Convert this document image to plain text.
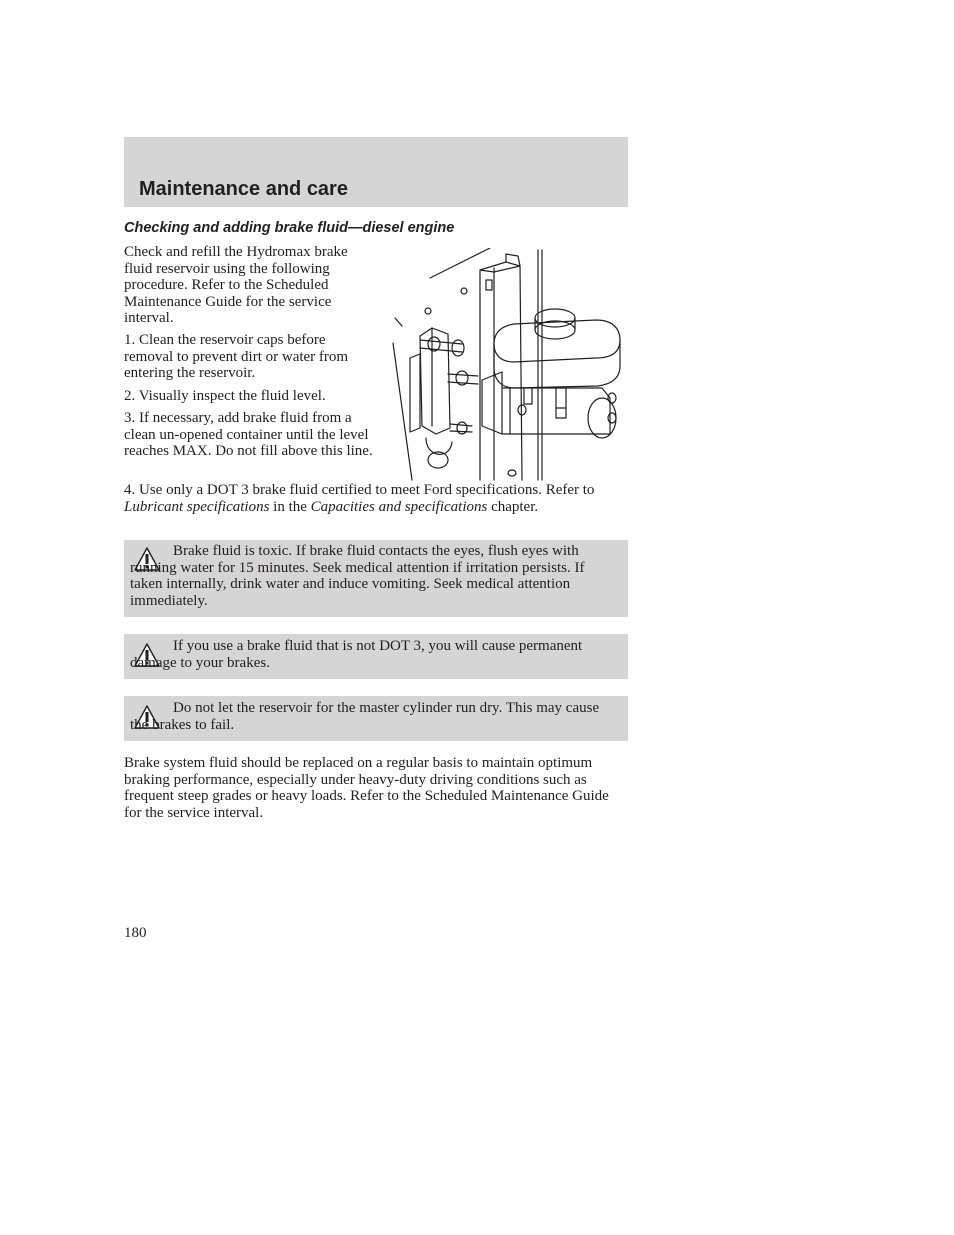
Maintenance and care
Checking and adding brake fluid—diesel engine

Check and refill the Hydromax brake fluid reservoir using the following procedure. Refer to the Scheduled Maintenance Guide for the service interval.

1. Clean the reservoir caps before removal to prevent dirt or water from entering the reservoir.

2. Visually inspect the fluid level.

3. If necessary, add brake fluid from a clean un-opened container until the level reaches MAX. Do not fill above this line.

4. Use only a DOT 3 brake fluid certified to meet Ford specifications. Refer to Lubricant specifications in the Capacities and specifications chapter.

Brake fluid is toxic. If brake fluid contacts the eyes, flush eyes with running water for 15 minutes. Seek medical attention if irritation persists. If taken internally, drink water and induce vomiting. Seek medical attention immediately.

If you use a brake fluid that is not DOT 3, you will cause permanent damage to your brakes.

Do not let the reservoir for the master cylinder run dry. This may cause the brakes to fail.

Brake system fluid should be replaced on a regular basis to maintain optimum braking performance, especially under heavy-duty driving conditions such as frequent steep grades or heavy loads. Refer to the Scheduled Maintenance Guide for the service interval.

180
